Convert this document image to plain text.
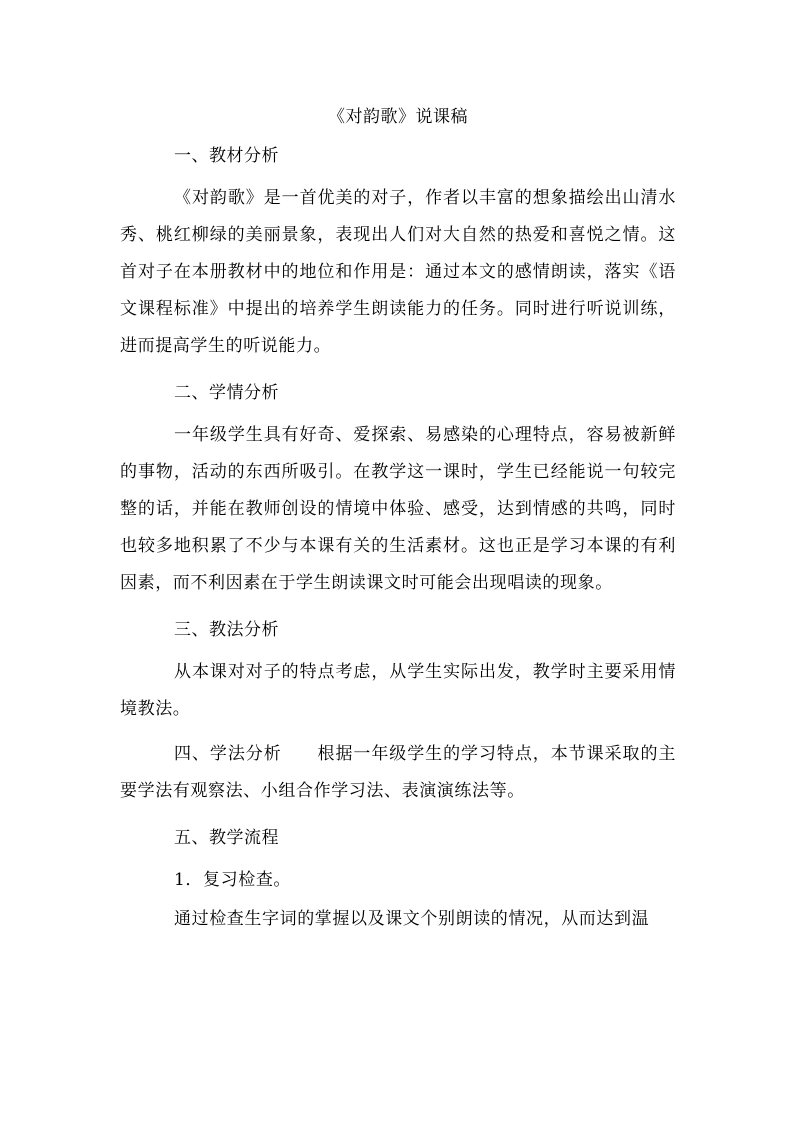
《对韵歌》说课稿
一、教材分析
《对韵歌》是一首优美的对子，作者以丰富的想象描绘出山清水秀、桃红柳绿的美丽景象，表现出人们对大自然的热爱和喜悦之情。这首对子在本册教材中的地位和作用是：通过本文的感情朗读，落实《语文课程标准》中提出的培养学生朗读能力的任务。同时进行听说训练，进而提高学生的听说能力。
二、学情分析
一年级学生具有好奇、爱探索、易感染的心理特点，容易被新鲜的事物，活动的东西所吸引。在教学这一课时，学生已经能说一句较完整的话，并能在教师创设的情境中体验、感受，达到情感的共鸣，同时也较多地积累了不少与本课有关的生活素材。这也正是学习本课的有利因素，而不利因素在于学生朗读课文时可能会出现唱读的现象。
三、教法分析
从本课对对子的特点考虑，从学生实际出发，教学时主要采用情境教法。
四、学法分析　　根据一年级学生的学习特点，本节课采取的主要学法有观察法、小组合作学习法、表演演练法等。
五、教学流程
1．复习检查。
通过检查生字词的掌握以及课文个别朗读的情况，从而达到温
